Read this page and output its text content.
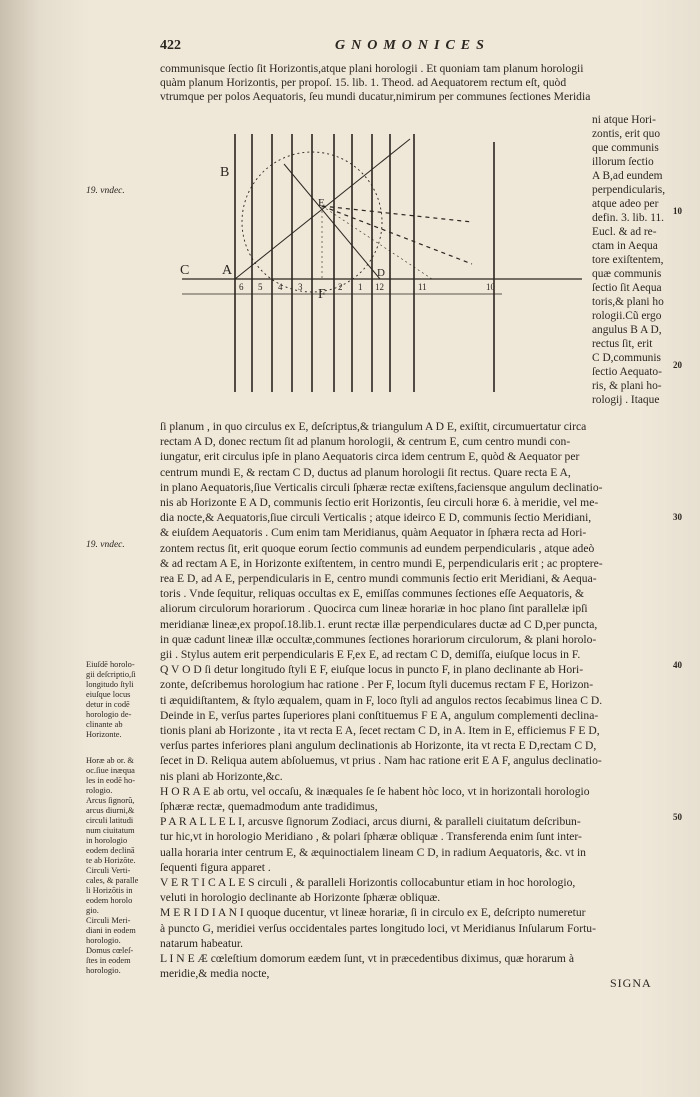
422	GNOMONICES
communisque ſectio ſit Horizontis,atque plani horologii . Et quoniam tam planum horologii
quàm planum Horizontis, per propoſ. 15. lib. 1. Theod. ad Aequatorem rectum eſt, quòd
vtrumque per polos Aequatoris, ſeu mundi ducatur,nimirum per communes ſectiones Meridia
ni atque Hori-
zontis, erit quo
que communis
illorum ſectio
A B,ad eundem
perpendicularis,
atque adeo per
defin. 3. lib. 11.
Eucl. & ad re-
ctam in Aequa
tore exiſtentem,
quæ communis
ſectio ſit Aequa
toris,& plani ho
rologii.Cũ ergo
angulus B A D,
rectus ſit, erit
C D,communis
ſectio Aequato-
ris, & plani ho-
rologij . Itaque
B
C A
E
F
D
6 5 4 3	2 1 12	11	10
19. vndec.
19. vndec.
Eiuſdē horolo-
gii deſcriptio,ſi
longitudo ſtyli
eiuſque locus
detur in codē
horologio de-
clinante ab
Horizonte.
Horæ ab or. &
oc.ſiue inæqua
les in eodē ho-
rologio.
Arcus ſignorũ,
arcus diurni,&
circuli latitudi
num ciuitatum
in horologio
eodem declinā
te ab Horizōte.
Circuli Verti-
cales, & paralle
li Horizōtis in
eodem horolo
gio.
Circuli Meri-
diani in eodem
horologio.
Domus cœleſ-
ſtes in eodem
horologio.
10
20
30
40
50
ſi planum , in quo circulus ex E, deſcriptus,& triangulum A D E, exiſtit, circumuertatur circa
rectam A D, donec rectum ſit ad planum horologii, & centrum E, cum centro mundi con-
iungatur, erit circulus ipſe in plano Aequatoris circa idem centrum E, quòd & Aequator per
centrum mundi E, & rectam C D, ductus ad planum horologii ſit rectus. Quare recta E A,
in plano Aequatoris,ſiue Verticalis circuli ſphæræ rectæ exiſtens,faciensque angulum declinatio-
nis ab Horizonte E A D, communis ſectio erit Horizontis, ſeu circuli horæ 6. à meridie, vel me-
dia nocte,& Aequatoris,ſiue circuli Verticalis ; atque ideirco E D, communis ſectio Meridiani,
& eiuſdem Aequatoris . Cum enim tam Meridianus, quàm Aequator in ſphæra recta ad Hori-
zontem rectus ſit, erit quoque eorum ſectio communis ad eundem perpendicularis , atque adeò
& ad rectam A E, in Horizonte exiſtentem, in centro mundi E, perpendicularis erit ; ac proptere-
rea E D, ad A E, perpendicularis in E, centro mundi communis ſectio erit Meridiani, & Aequa-
toris . Vnde ſequitur, reliquas occultas ex E, emiſſas communes ſectiones eſſe Aequatoris, &
aliorum circulorum horariorum . Quocirca cum lineæ horariæ in hoc plano ſint parallelæ ipſi
meridianæ lineæ,ex propoſ.18.lib.1. erunt rectæ illæ perpendiculares ductæ ad C D,per puncta,
in quæ cadunt lineæ illæ occultæ,communes ſectiones horariorum circulorum, & plani horolo-
gii . Stylus autem erit perpendicularis E F,ex E, ad rectam C D, demiſſa, eiuſque locus in F.
Q V O D ſi detur longitudo ſtyli E F, eiuſque locus in puncto F, in plano declinante ab Hori-
zonte, deſcribemus horologium hac ratione . Per F, locum ſtyli ducemus rectam F E, Horizon-
ti æquidiſtantem, & ſtylo æqualem, quam in F, loco ſtyli ad angulos rectos ſecabimus linea C D.
Deinde in E, verſus partes ſuperiores plani conſtituemus F E A, angulum complementi declina-
tionis plani ab Horizonte , ita vt recta E A, ſecet rectam C D, in A. Item in E, efficiemus F E D,
verſus partes inferiores plani angulum declinationis ab Horizonte, ita vt recta E D,rectam C D,
ſecet in D. Reliqua autem abſoluemus, vt prius . Nam hac ratione erit E A F, angulus declinatio-
nis plani ab Horizonte,&c.
H O R A E ab ortu, vel occaſu, & inæquales ſe ſe habent hòc loco, vt in horizontali horologio
ſphæræ rectæ, quemadmodum ante tradidimus,
P A R A L L E L I, arcusve ſignorum Zodiaci, arcus diurni, & paralleli ciuitatum deſcribun-
tur hic,vt in horologio Meridiano , & polari ſphæræ obliquæ . Transferenda enim ſunt inter-
ualla horaria inter centrum E, & æquinoctialem lineam C D, in radium Aequatoris, &c. vt in
ſequenti figura apparet .
V E R T I C A L E S circuli , & paralleli Horizontis collocabuntur etiam in hoc horologio,
veluti in horologio declinante ab Horizonte ſphæræ obliquæ.
M E R I D I A N I quoque ducentur, vt lineæ horariæ, ſi in circulo ex E, deſcripto numeretur
à puncto G, meridiei verſus occidentales partes longitudo loci, vt Meridianus Inſularum Fortu-
natarum habeatur.
L I N E Æ cœleſtium domorum eædem ſunt, vt in præcedentibus diximus, quæ horarum à
meridie,& media nocte,
SIGNA
